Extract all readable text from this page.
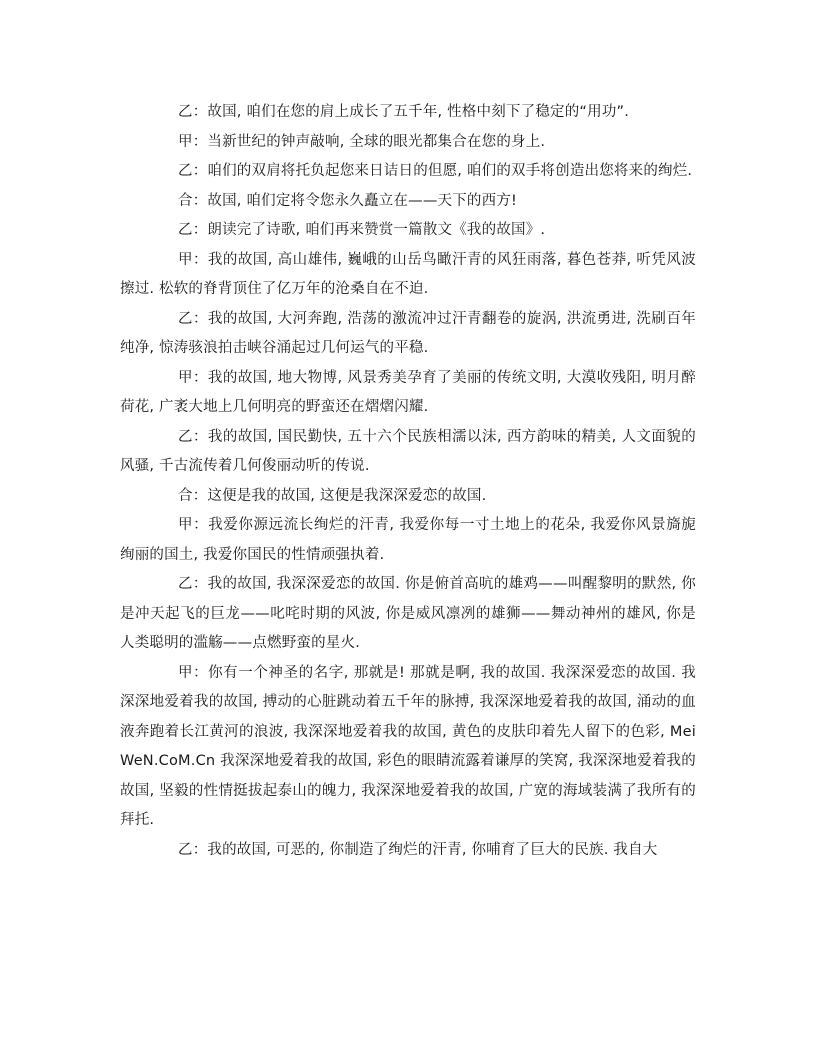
乙：故国, 咱们在您的肩上成长了五千年, 性格中刻下了稳定的“用功”.

甲：当新世纪的钟声敲响, 全球的眼光都集合在您的身上.

乙：咱们的双肩将托负起您来日诘日的但愿, 咱们的双手将创造出您将来的绚烂.

合：故国, 咱们定将令您永久矗立在——天下的西方!

乙：朗读完了诗歌, 咱们再来赞赏一篇散文《我的故国》.

甲：我的故国, 高山雄伟, 巍峨的山岳鸟瞰汗青的风狂雨落, 暮色苍莽, 听凭风波擦过. 松软的脊背顶住了亿万年的沧桑自在不迫.

乙：我的故国, 大河奔跑, 浩荡的激流冲过汗青翻卷的旋涡, 洪流勇进, 洗刷百年纯净, 惊涛骇浪拍击峡谷涌起过几何运气的平稳.

甲：我的故国, 地大物博, 风景秀美孕育了美丽的传统文明, 大漠收残阳, 明月醉荷花, 广袤大地上几何明亮的野蛮还在熠熠闪耀.

乙：我的故国, 国民勤快, 五十六个民族相濡以沫, 西方韵味的精美, 人文面貌的风骚, 千古流传着几何俊丽动听的传说.

合：这便是我的故国, 这便是我深深爱恋的故国.

甲：我爱你源远流长绚烂的汗青, 我爱你每一寸土地上的花朵, 我爱你风景旖旎绚丽的国土, 我爱你国民的性情顽强执着.

乙：我的故国, 我深深爱恋的故国. 你是俯首高吭的雄鸡——叫醒黎明的默然, 你是冲天起飞的巨龙——叱咤时期的风波, 你是威风凛冽的雄狮——舞动神州的雄风, 你是人类聪明的滥觞——点燃野蛮的星火.

甲：你有一个神圣的名字, 那就是! 那就是啊, 我的故国. 我深深爱恋的故国. 我深深地爱着我的故国, 搏动的心脏跳动着五千年的脉搏, 我深深地爱着我的故国, 涌动的血液奔跑着长江黄河的浪波, 我深深地爱着我的故国, 黄色的皮肤印着先人留下的色彩, MeiWeN.CoM.Cn 我深深地爱着我的故国, 彩色的眼睛流露着谦厚的笑窝, 我深深地爱着我的故国, 坚毅的性情挺拔起泰山的魄力, 我深深地爱着我的故国, 广宽的海域装满了我所有的拜托.

乙：我的故国, 可恶的, 你制造了绚烂的汗青, 你哺育了巨大的民族. 我自大
